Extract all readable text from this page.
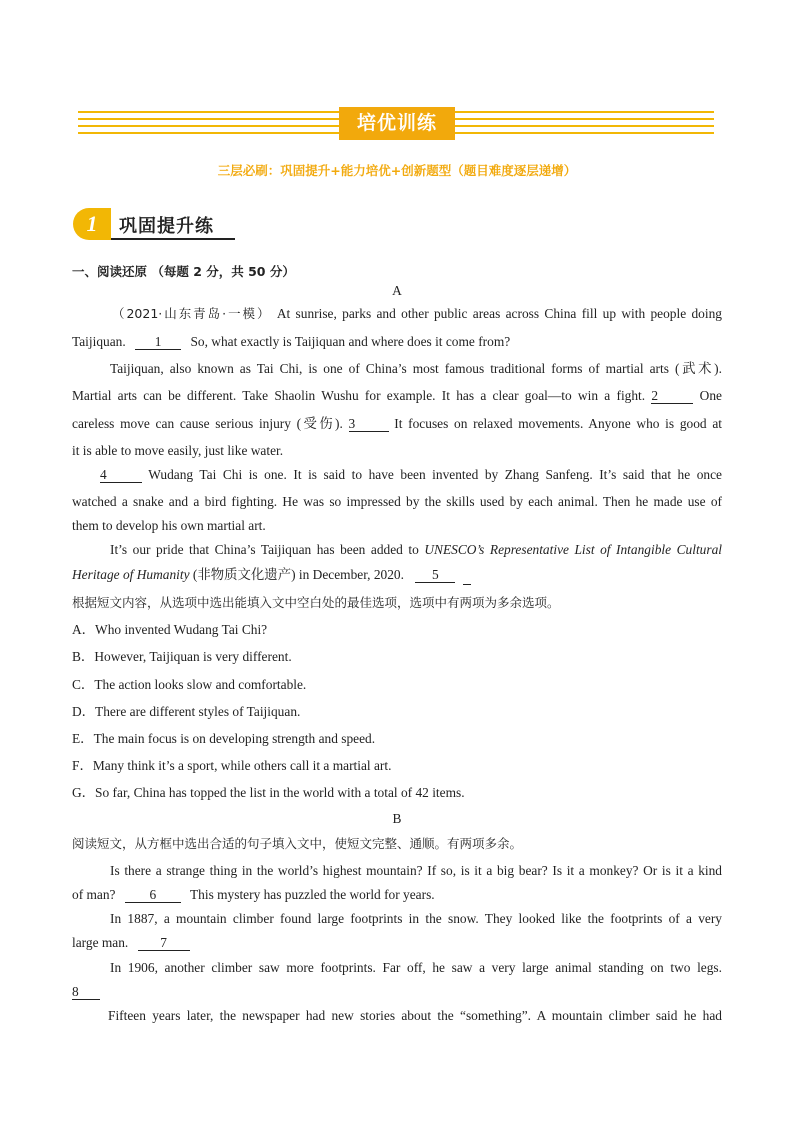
培优训练
三层必刷：巩固提升+能力培优+创新题型（题目难度逐层递增）
1	巩固提升练
一、阅读还原 （每题 2 分，共 50 分）
A
（2021·山东青岛·一模） At sunrise, parks and other public areas across China fill up with people doing
Taijiquan. 1 So, what exactly is Taijiquan and where does it come from?
Taijiquan, also known as Tai Chi, is one of China’s most famous traditional forms of martial arts (武术).
Martial arts can be different. Take Shaolin Wushu for example. It has a clear goal—to win a fight. 2	One
careless move can cause serious injury (受伤). 3	It focuses on relaxed movements. Anyone who is good at
it is able to move easily, just like water.
4	Wudang Tai Chi is one. It is said to have been invented by Zhang Sanfeng. It’s said that he once
watched a snake and a bird fighting. He was so impressed by the skills used by each animal. Then he made use of
them to develop his own martial art.
It’s our pride that China’s Taijiquan has been added to UNESCO’s Representative List of Intangible Cultural
Heritage of Humanity (非物质文化遗产) in December, 2020. 5
根据短文内容，从选项中选出能填入文中空白处的最佳选项，选项中有两项为多余选项。
A．Who invented Wudang Tai Chi?
B．However, Taijiquan is very different.
C．The action looks slow and comfortable.
D．There are different styles of Taijiquan.
E．The main focus is on developing strength and speed.
F．Many think it’s a sport, while others call it a martial art.
G．So far, China has topped the list in the world with a total of 42 items.
B
阅读短文，从方框中选出合适的句子填入文中，使短文完整、通顺。有两项多余。
Is there a strange thing in the world’s highest mountain? If so, is it a big bear? Is it a monkey? Or is it a kind
of man?	6	This mystery has puzzled the world for years.
In 1887, a mountain climber found large footprints in the snow. They looked like the footprints of a very
large man. 7
In 1906, another climber saw more footprints. Far off, he saw a very large animal standing on two legs.
8
Fifteen years later, the newspaper had new stories about the “something”. A mountain climber said he had
